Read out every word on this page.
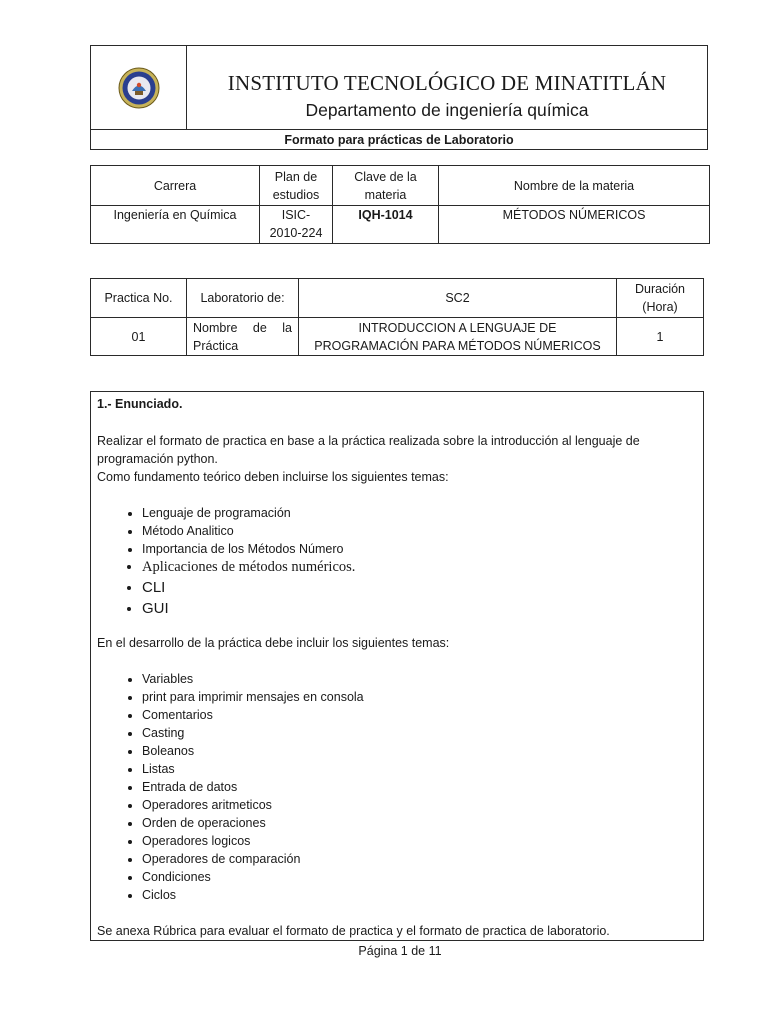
INSTITUTO TECNOLÓGICO DE MINATITLÁN
Departamento de ingeniería química
Formato para prácticas de Laboratorio
Carrera	Plan de estudios	Clave de la materia	Nombre de la materia
Ingeniería en Química	ISIC-2010-224	IQH-1014	MÉTODOS NÚMERICOS
Practica No.	Laboratorio de:	SC2	Duración (Hora)
01	Nombre de la Práctica	INTRODUCCION A LENGUAJE DE PROGRAMACIÓN PARA MÉTODOS NÚMERICOS	1

1.- Enunciado.

Realizar el formato de practica en base a la práctica realizada sobre la introducción al lenguaje de programación python.

Como fundamento teórico deben incluirse los siguientes temas:

• Lenguaje de programación
• Método Analitico
• Importancia de los Métodos Número
• Aplicaciones de métodos numéricos.
• CLI
• GUI

En el desarrollo de la práctica debe incluir los siguientes temas:

• Variables
• print para imprimir mensajes en consola
• Comentarios
• Casting
• Boleanos
• Listas
• Entrada de datos
• Operadores aritmeticos
• Orden de operaciones
• Operadores logicos
• Operadores de comparación
• Condiciones
• Ciclos

Se anexa Rúbrica para evaluar el formato de practica y el formato de practica de laboratorio.

Página 1 de 11
